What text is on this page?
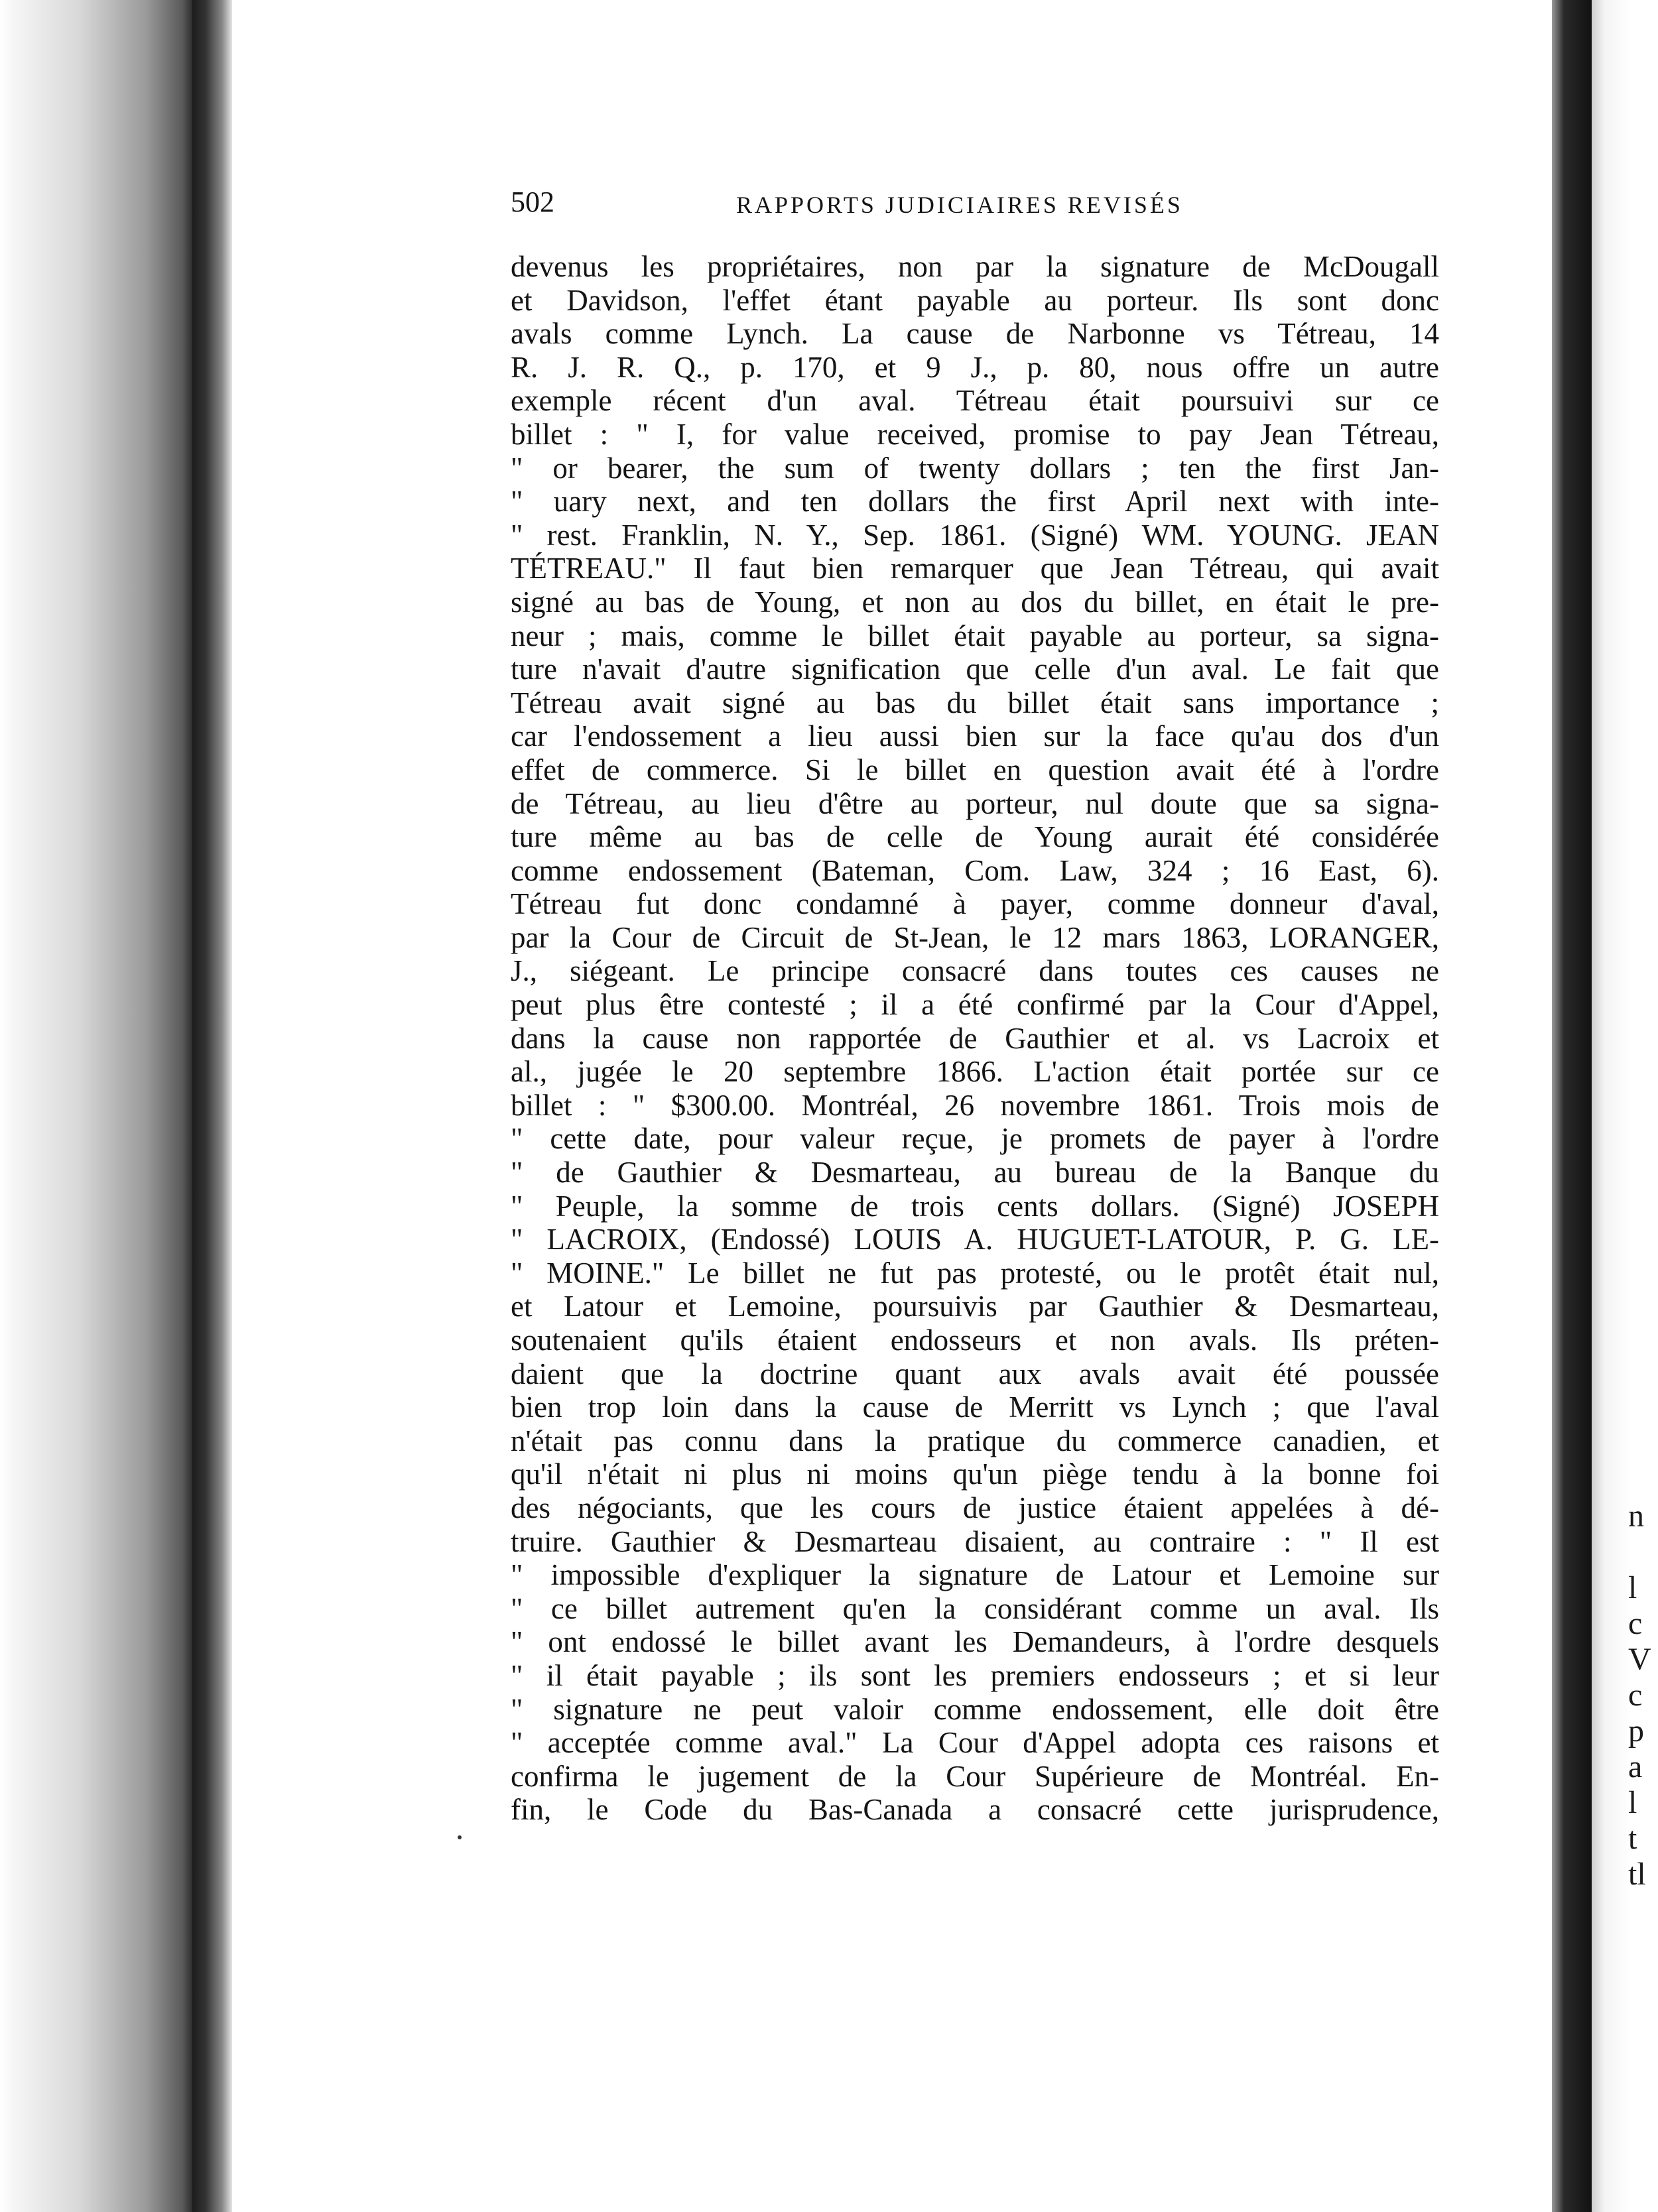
n
l
c
V
c
p
a
l
t
tl
502	RAPPORTS JUDICIAIRES REVISÉS
devenus les propriétaires, non par la signature de McDougall
et Davidson, l'effet étant payable au porteur. Ils sont donc
avals comme Lynch. La cause de Narbonne vs Tétreau, 14
R. J. R. Q., p. 170, et 9 J., p. 80, nous offre un autre
exemple récent d'un aval. Tétreau était poursuivi sur ce
billet : " I, for value received, promise to pay Jean Tétreau,
" or bearer, the sum of twenty dollars ; ten the first Jan-
" uary next, and ten dollars the first April next with inte-
" rest. Franklin, N. Y., Sep. 1861. (Signé) WM. YOUNG. JEAN
TÉTREAU." Il faut bien remarquer que Jean Tétreau, qui avait
signé au bas de Young, et non au dos du billet, en était le pre-
neur ; mais, comme le billet était payable au porteur, sa signa-
ture n'avait d'autre signification que celle d'un aval. Le fait que
Tétreau avait signé au bas du billet était sans importance ;
car l'endossement a lieu aussi bien sur la face qu'au dos d'un
effet de commerce. Si le billet en question avait été à l'ordre
de Tétreau, au lieu d'être au porteur, nul doute que sa signa-
ture même au bas de celle de Young aurait été considérée
comme endossement (Bateman, Com. Law, 324 ; 16 East, 6).
Tétreau fut donc condamné à payer, comme donneur d'aval,
par la Cour de Circuit de St-Jean, le 12 mars 1863, LORANGER,
J., siégeant. Le principe consacré dans toutes ces causes ne
peut plus être contesté ; il a été confirmé par la Cour d'Appel,
dans la cause non rapportée de Gauthier et al. vs Lacroix et
al., jugée le 20 septembre 1866. L'action était portée sur ce
billet : " $300.00. Montréal, 26 novembre 1861. Trois mois de
" cette date, pour valeur reçue, je promets de payer à l'ordre
" de Gauthier & Desmarteau, au bureau de la Banque du
" Peuple, la somme de trois cents dollars. (Signé) JOSEPH
" LACROIX, (Endossé) LOUIS A. HUGUET-LATOUR, P. G. LE-
" MOINE." Le billet ne fut pas protesté, ou le protêt était nul,
et Latour et Lemoine, poursuivis par Gauthier & Desmarteau,
soutenaient qu'ils étaient endosseurs et non avals. Ils préten-
daient que la doctrine quant aux avals avait été poussée
bien trop loin dans la cause de Merritt vs Lynch ; que l'aval
n'était pas connu dans la pratique du commerce canadien, et
qu'il n'était ni plus ni moins qu'un piège tendu à la bonne foi
des négociants, que les cours de justice étaient appelées à dé-
truire. Gauthier & Desmarteau disaient, au contraire : " Il est
" impossible d'expliquer la signature de Latour et Lemoine sur
" ce billet autrement qu'en la considérant comme un aval. Ils
" ont endossé le billet avant les Demandeurs, à l'ordre desquels
" il était payable ; ils sont les premiers endosseurs ; et si leur
" signature ne peut valoir comme endossement, elle doit être
" acceptée comme aval." La Cour d'Appel adopta ces raisons et
confirma le jugement de la Cour Supérieure de Montréal. En-
fin, le Code du Bas-Canada a consacré cette jurisprudence,
